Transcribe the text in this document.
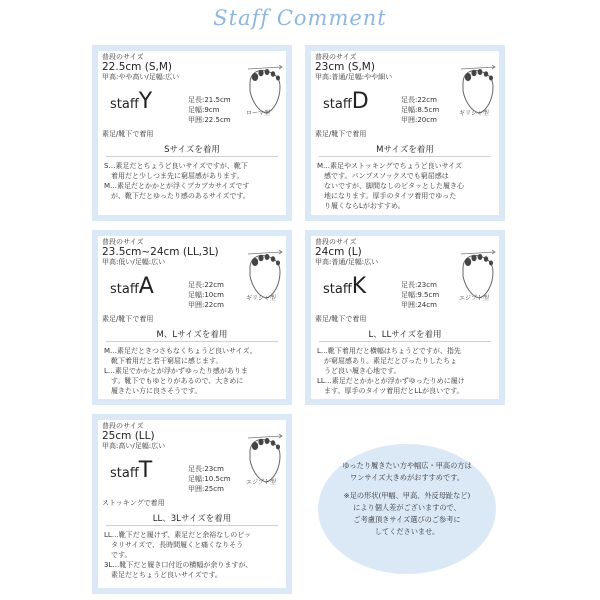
Staff Comment
普段のサイズ
22.5cm (S,M)
甲高:やや高い/足幅:広い
staffY	足長:21.5cm
足幅:9cm
甲囲:22.5cm
ローマ型
素足/靴下で着用
Sサイズを着用
S…素足だとちょうど良いサイズですが、靴下
　着用だと少しつま先に窮屈感があります。
M…素足だとかかとが浮くブカブカサイズです
　が、靴下だとゆったり感のあるサイズです。
普段のサイズ
23cm (S,M)
甲高:普通/足幅:やや細い
staffD	足長:22cm
足幅:8.5cm
甲囲:20cm
ギリシャ型
素足/靴下で着用
Mサイズを着用
M…素足やストッキングでちょうど良いサイズ
　感です。パンプスソックスでも窮屈感は
　ないですが、脚間なしのピタッとした履き心
　地になります。厚手のタイツ着用でゆった
　り履くならLがおすすめ。
普段のサイズ
23.5cm~24cm (LL,3L)
甲高:低い/足幅:広い
staffA	足長:22cm
足幅:10cm
甲囲:22cm
ギリシャ型
素足/靴下で着用
M、Lサイズを着用
M…素足だときつさもなくちょうど良いサイズ。
　靴下着用だと若干窮屈に感じます。
L…素足でかかとが浮かずゆったり感がありま
　す。靴下でもゆとりがあるので、大きめに
　履きたい方に良さそうです。
普段のサイズ
24cm (L)
甲高:普通/足幅:広い
staffK	足長:23cm
足幅:9.5cm
甲囲:24cm
エジプト型
素足/靴下で着用
L、LLサイズを着用
L…靴下着用だと横幅はちょうどですが、指先
　が窮屈感あり。素足だとぴったりしたちょ
　うど良い履き心地です。
LL…素足だとかかとが浮かずゆったりめに履け
　ます。厚手のタイツ着用だとLLが良いです。
普段のサイズ
25cm (LL)
甲高:高い/足幅:広い
staffT	足長:23cm
足幅:10.5cm
甲囲:25cm
エジプト型
ストッキングで着用
LL、3Lサイズを着用
LL…靴下だと履けず、素足だと余裕なしのピッ
　タリサイズで、長時間履くと痛くなりそう
　です。
3L…靴下だと履き口付近の横幅が余りますが、
　素足だとちょうど良いサイズです。
ゆったり履きたい方や幅広・甲高の方は
ワンサイズ大きめがおすすめです。
※足の形状(甲幅、甲高、外反母趾など)
により個人差がございますので、
ご考慮頂きサイズ選びのご参考に
してくださいませ。
